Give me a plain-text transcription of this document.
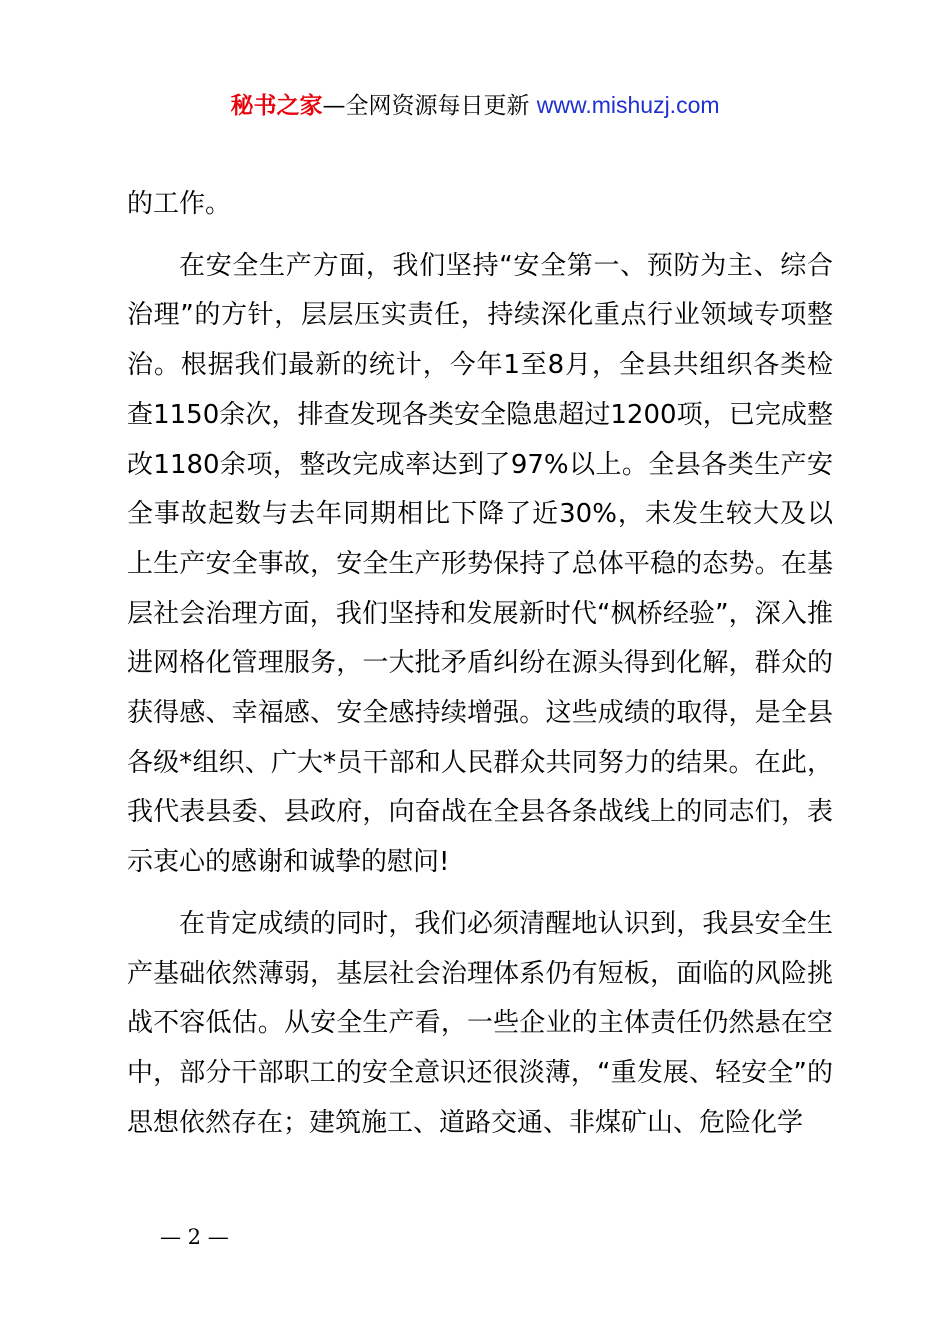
秘书之家—全网资源每日更新 www.mishuzj.com

的工作。

在安全生产方面，我们坚持“安全第一、预防为主、综合治理”的方针，层层压实责任，持续深化重点行业领域专项整治。根据我们最新的统计，今年1至8月，全县共组织各类检查1150余次，排查发现各类安全隐患超过1200项，已完成整改1180余项，整改完成率达到了97%以上。全县各类生产安全事故起数与去年同期相比下降了近30%，未发生较大及以上生产安全事故，安全生产形势保持了总体平稳的态势。在基层社会治理方面，我们坚持和发展新时代“枫桥经验”，深入推进网格化管理服务，一大批矛盾纠纷在源头得到化解，群众的获得感、幸福感、安全感持续增强。这些成绩的取得，是全县各级*组织、广大*员干部和人民群众共同努力的结果。在此，我代表县委、县政府，向奋战在全县各条战线上的同志们，表示衷心的感谢和诚挚的慰问!

在肯定成绩的同时，我们必须清醒地认识到，我县安全生产基础依然薄弱，基层社会治理体系仍有短板，面临的风险挑战不容低估。从安全生产看，一些企业的主体责任仍然悬在空中，部分干部职工的安全意识还很淡薄，“重发展、轻安全”的思想依然存在；建筑施工、道路交通、非煤矿山、危险化学

— 2 —
